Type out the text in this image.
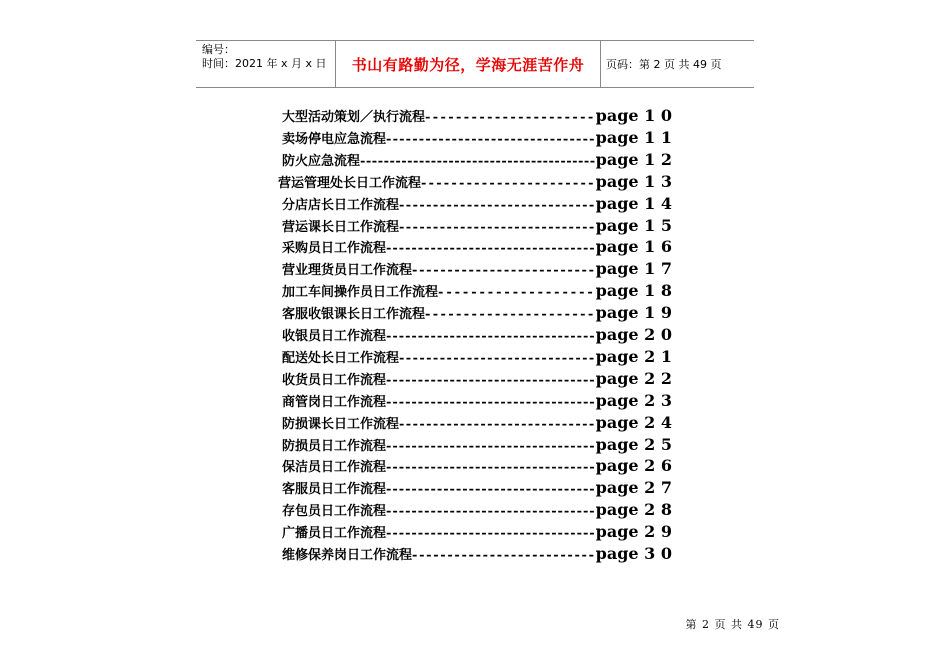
编号：
时间：2021 年 x 月 x 日	书山有路勤为径，学海无涯苦作舟 页码：第 2 页 共 49 页
大型活动策划／执行流程----------------------page 1 0
卖场停电应急流程--------------------------------page 1 1
防火应急流程----------------------------------------page 1 2
营运管理处长日工作流程-----------------------page 1 3
分店店长日工作流程-----------------------------page 1 4
营运课长日工作流程-----------------------------page 1 5
采购员日工作流程---------------------------------page 1 6
营业理货员日工作流程--------------------------page 1 7
加工车间操作员日工作流程-------------------page 1 8
客服收银课长日工作流程----------------------page 1 9
收银员日工作流程---------------------------------page 2 0
配送处长日工作流程-----------------------------page 2 1
收货员日工作流程---------------------------------page 2 2
商管岗日工作流程---------------------------------page 2 3
防损课长日工作流程-----------------------------page 2 4
防损员日工作流程---------------------------------page 2 5
保洁员日工作流程---------------------------------page 2 6
客服员日工作流程---------------------------------page 2 7
存包员日工作流程---------------------------------page 2 8
广播员日工作流程---------------------------------page 2 9
维修保养岗日工作流程--------------------------page 3 0
第 2 页 共 49 页
